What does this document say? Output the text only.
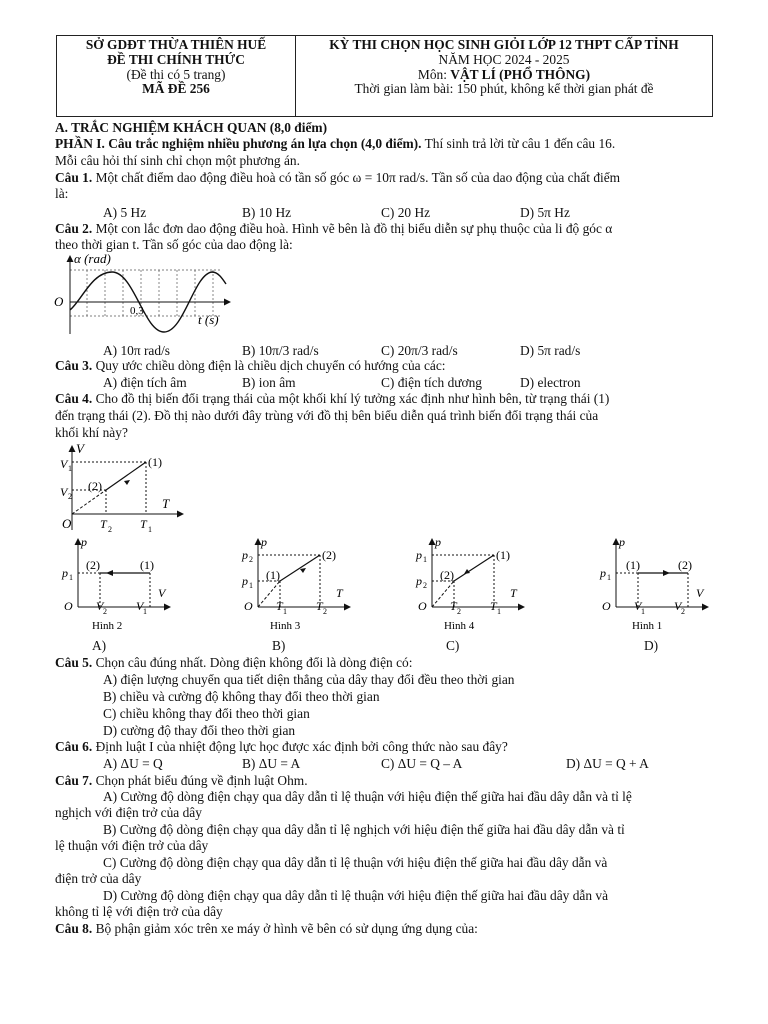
SỞ GDĐT THỪA THIÊN HUẾ
ĐỀ THI CHÍNH THỨC
(Đề thi có 5 trang)
MÃ ĐỀ 256

KỲ THI CHỌN HỌC SINH GIỎI LỚP 12 THPT CẤP TỈNH
NĂM HỌC 2024 - 2025
Môn: VẬT LÍ (PHỔ THÔNG)
Thời gian làm bài: 150 phút, không kể thời gian phát đề
A. TRẮC NGHIỆM KHÁCH QUAN (8,0 điểm)
PHẦN I. Câu trắc nghiệm nhiều phương án lựa chọn (4,0 điểm). Thí sinh trả lời từ câu 1 đến câu 16.
Mỗi câu hỏi thí sinh chỉ chọn một phương án.
Câu 1. Một chất điểm dao động điều hoà có tần số góc ω = 10π rad/s. Tần số của dao động của chất điểm
là:
A) 5 Hz	B) 10 Hz	C) 20 Hz	D) 5π Hz
Câu 2. Một con lắc đơn dao động điều hoà. Hình vẽ bên là đồ thị biểu diễn sự phụ thuộc của li độ góc α
theo thời gian t. Tần số góc của dao động là:
α (rad)
O
0,3
t (s)
A) 10π rad/s	B) 10π/3 rad/s	C) 20π/3 rad/s	D) 5π rad/s
Câu 3. Quy ước chiều dòng điện là chiều dịch chuyển có hướng của các:
A) điện tích âm	B) ion âm	C) điện tích dương	D) electron
Câu 4. Cho đồ thị biến đổi trạng thái của một khối khí lý tưởng xác định như hình bên, từ trạng thái (1)
đến trạng thái (2). Đồ thị nào dưới đây trùng với đồ thị bên biểu diễn quá trình biến đổi trạng thái của
khối khí này?
V
V 1
V 2
(2)
(1)
T
O T 2 T 1
p
p 1
(2)	(1)
V
O V 2 V 1
Hình 2
p
p 2
p 1
(1)
(2)
T
O T 1 T 2
Hình 3
p
p 1
p 2
(2)
(1)
T
O T 2 T 1
Hình 4
p
p 1
(1)	(2)
V
O V 1 V 2
Hình 1
A)	B)	C)	D)
Câu 5. Chọn câu đúng nhất. Dòng điện không đổi là dòng điện có:
A) điện lượng chuyển qua tiết diện thẳng của dây thay đổi đều theo thời gian
B) chiều và cường độ không thay đổi theo thời gian
C) chiều không thay đổi theo thời gian
D) cường độ thay đổi theo thời gian
Câu 6. Định luật I của nhiệt động lực học được xác định bởi công thức nào sau đây?
A) ΔU = Q	B) ΔU = A	C) ΔU = Q – A	D) ΔU = Q + A
Câu 7. Chọn phát biểu đúng về định luật Ohm.
A) Cường độ dòng điện chạy qua dây dẫn tỉ lệ thuận với hiệu điện thế giữa hai đầu dây dẫn và tỉ lệ
nghịch với điện trở của dây
B) Cường độ dòng điện chạy qua dây dẫn tỉ lệ nghịch với hiệu điện thế giữa hai đầu dây dẫn và tỉ
lệ thuận với điện trở của dây
C) Cường độ dòng điện chạy qua dây dẫn tỉ lệ thuận với hiệu điện thế giữa hai đầu dây dẫn và
điện trở của dây
D) Cường độ dòng điện chạy qua dây dẫn tỉ lệ thuận với hiệu điện thế giữa hai đầu dây dẫn và
không tỉ lệ với điện trở của dây
Câu 8. Bộ phận giảm xóc trên xe máy ở hình vẽ bên có sử dụng ứng dụng của:
